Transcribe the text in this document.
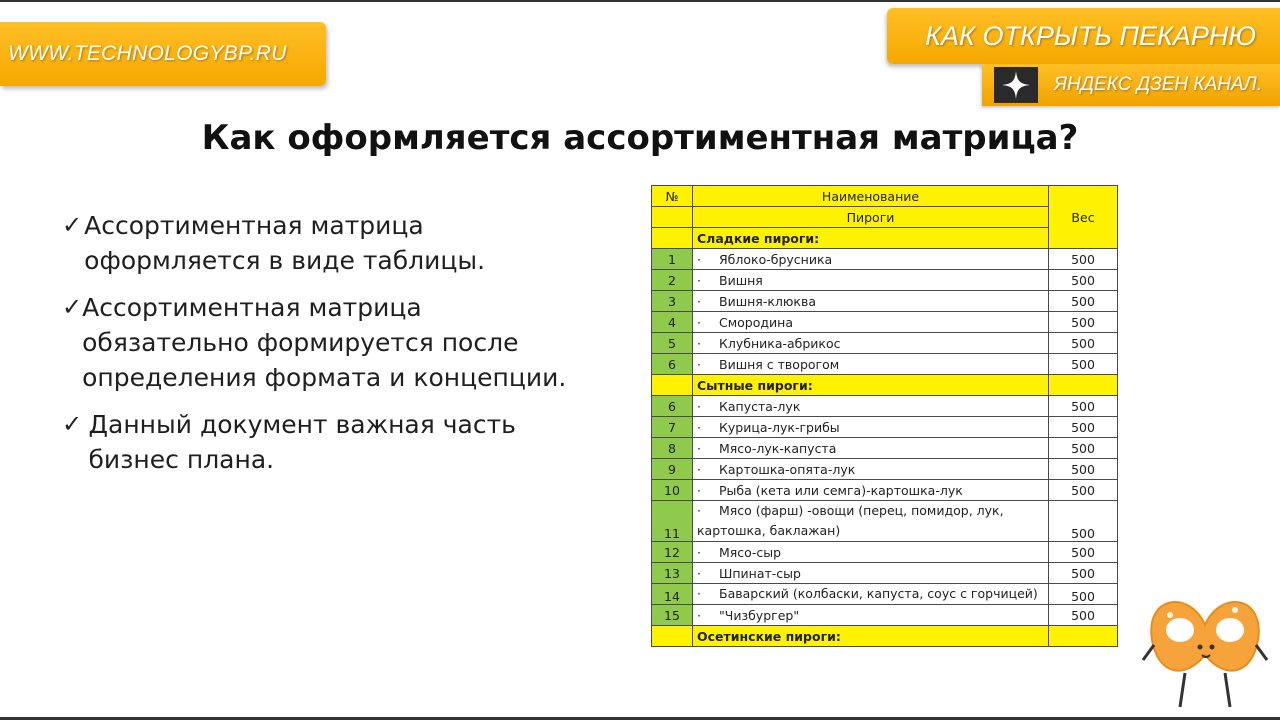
WWW.TECHNOLOGYBP.RU
КАК ОТКРЫТЬ ПЕКАРНЮ
ЯНДЕКС ДЗЕН КАНАЛ.
Как оформляется ассортиментная матрица?
✓ Ассортиментная матрица оформляется в виде таблицы.
✓ Ассортиментная матрица обязательно формируется после определения формата и концепции.
✓ Данный документ важная часть бизнес плана.
№	Наименование	Вес
	Пироги	
	Сладкие пироги:	
1	· Яблоко-брусника	500
2	· Вишня	500
3	· Вишня-клюква	500
4	· Смородина	500
5	· Клубника-абрикос	500
6	· Вишня с творогом	500
	Сытные пироги:	
6	· Капуста-лук	500
7	· Курица-лук-грибы	500
8	· Мясо-лук-капуста	500
9	· Картошка-опята-лук	500
10	· Рыба (кета или семга)-картошка-лук	500
11	· Мясо (фарш) -овощи (перец, помидор, лук,
картошка, баклажан)	500
12	· Мясо-сыр	500
13	· Шпинат-сыр	500
14	· Баварский (колбаски, капуста, соус с горчицей)	500
15	· "Чизбургер"	500
	Осетинские пироги:	
